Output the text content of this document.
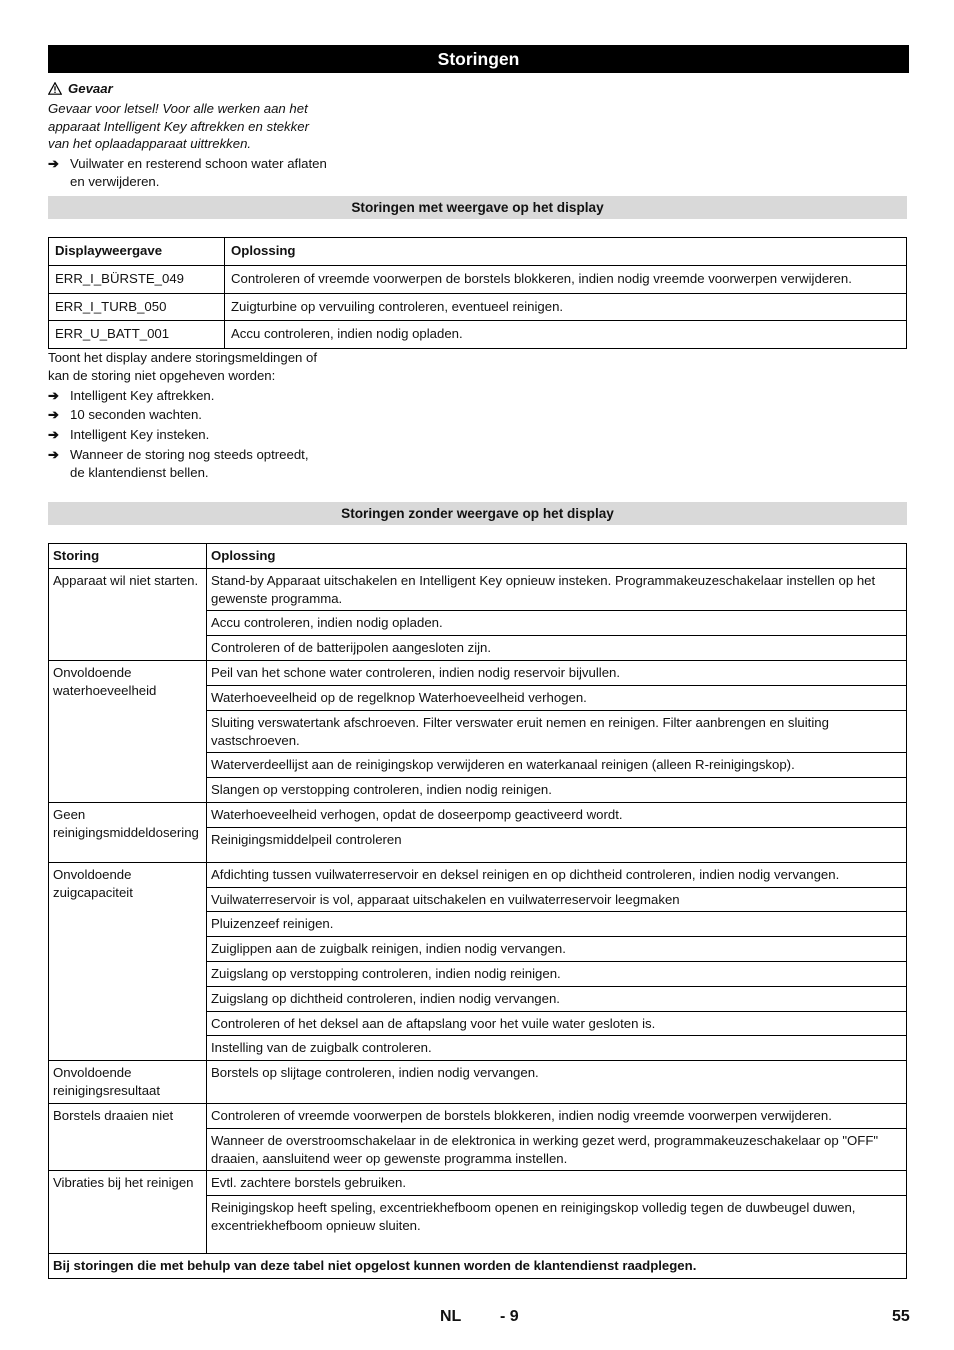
Storingen
Gevaar
Gevaar voor letsel! Voor alle werken aan het apparaat Intelligent Key aftrekken en stekker van het oplaadapparaat uittrekken.
➔ Vuilwater en resterend schoon water aflaten en verwijderen.
Storingen met weergave op het display
Displayweergave	Oplossing
ERR_I_BÜRSTE_049	Controleren of vreemde voorwerpen de borstels blokkeren, indien nodig vreemde voorwerpen verwijderen.
ERR_I_TURB_050	Zuigturbine op vervuiling controleren, eventueel reinigen.
ERR_U_BATT_001	Accu controleren, indien nodig opladen.
Toont het display andere storingsmeldingen of kan de storing niet opgeheven worden:
➔ Intelligent Key aftrekken.
➔ 10 seconden wachten.
➔ Intelligent Key insteken.
➔ Wanneer de storing nog steeds optreedt, de klantendienst bellen.
Storingen zonder weergave op het display
Storing	Oplossing
Apparaat wil niet starten.	Stand-by Apparaat uitschakelen en Intelligent Key opnieuw insteken. Programmakeuzeschakelaar instellen op het gewenste programma.
	Accu controleren, indien nodig opladen.
	Controleren of de batterijpolen aangesloten zijn.
Onvoldoende waterhoeveelheid	Peil van het schone water controleren, indien nodig reservoir bijvullen.
	Waterhoeveelheid op de regelknop Waterhoeveelheid verhogen.
	Sluiting verswatertank afschroeven. Filter verswater eruit nemen en reinigen. Filter aanbrengen en sluiting vastschroeven.
	Waterverdeellijst aan de reinigingskop verwijderen en waterkanaal reinigen (alleen R-reinigingskop).
	Slangen op verstopping controleren, indien nodig reinigen.
Geen reinigingsmiddeldosering	Waterhoeveelheid verhogen, opdat de doseerpomp geactiveerd wordt.
	Reinigingsmiddelpeil controleren
Onvoldoende zuigcapaciteit	Afdichting tussen vuilwaterreservoir en deksel reinigen en op dichtheid controleren, indien nodig vervangen.
	Vuilwaterreservoir is vol, apparaat uitschakelen en vuilwaterreservoir leegmaken
	Pluizenzeef reinigen.
	Zuiglippen aan de zuigbalk reinigen, indien nodig vervangen.
	Zuigslang op verstopping controleren, indien nodig reinigen.
	Zuigslang op dichtheid controleren, indien nodig vervangen.
	Controleren of het deksel aan de aftapslang voor het vuile water gesloten is.
	Instelling van de zuigbalk controleren.
Onvoldoende reinigingsresultaat	Borstels op slijtage controleren, indien nodig vervangen.
Borstels draaien niet	Controleren of vreemde voorwerpen de borstels blokkeren, indien nodig vreemde voorwerpen verwijderen.
	Wanneer de overstroomschakelaar in de elektronica in werking gezet werd, programmakeuzeschakelaar op "OFF" draaien, aansluitend weer op gewenste programma instellen.
Vibraties bij het reinigen	Evtl. zachtere borstels gebruiken.
	Reinigingskop heeft speling, excentriekhefboom openen en reinigingskop volledig tegen de duwbeugel duwen, excentriekhefboom opnieuw sluiten.
Bij storingen die met behulp van deze tabel niet opgelost kunnen worden de klantendienst raadplegen.	
NL - 9	55
